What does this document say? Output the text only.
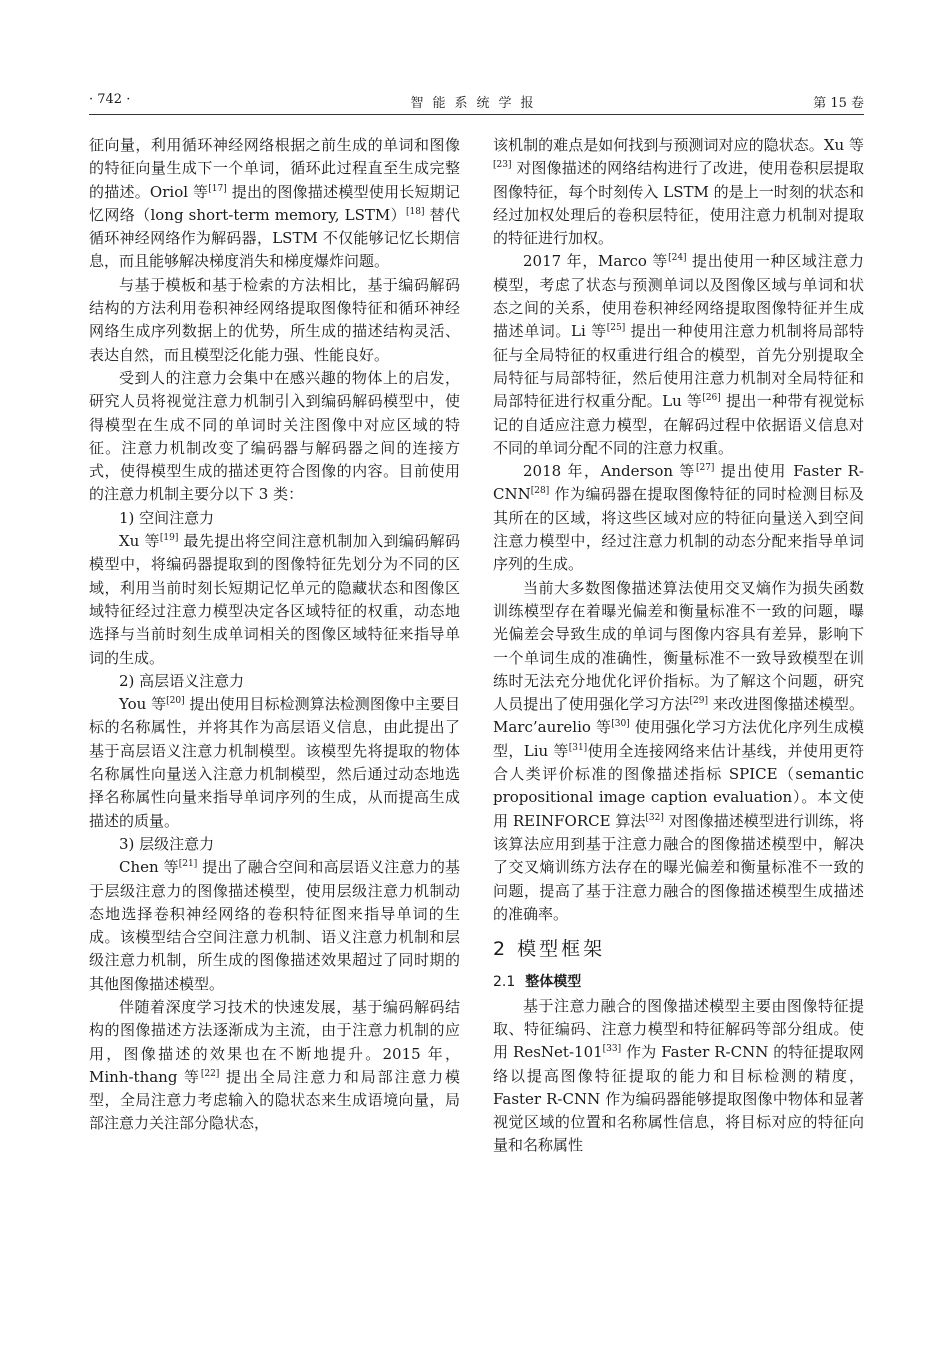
· 742 ·	智能系统学报	第 15 卷

征向量，利用循环神经网络根据之前生成的单词和图像的特征向量生成下一个单词，循环此过程直至生成完整的描述。Oriol 等[17] 提出的图像描述模型使用长短期记忆网络（long short-term memory, LSTM）[18] 替代循环神经网络作为解码器，LSTM 不仅能够记忆长期信息，而且能够解决梯度消失和梯度爆炸问题。

与基于模板和基于检索的方法相比，基于编码解码结构的方法利用卷积神经网络提取图像特征和循环神经网络生成序列数据上的优势，所生成的描述结构灵活、表达自然，而且模型泛化能力强、性能良好。

受到人的注意力会集中在感兴趣的物体上的启发，研究人员将视觉注意力机制引入到编码解码模型中，使得模型在生成不同的单词时关注图像中对应区域的特征。注意力机制改变了编码器与解码器之间的连接方式，使得模型生成的描述更符合图像的内容。目前使用的注意力机制主要分以下 3 类：

1) 空间注意力

Xu 等[19] 最先提出将空间注意机制加入到编码解码模型中，将编码器提取到的图像特征先划分为不同的区域，利用当前时刻长短期记忆单元的隐藏状态和图像区域特征经过注意力模型决定各区域特征的权重，动态地选择与当前时刻生成单词相关的图像区域特征来指导单词的生成。

2) 高层语义注意力

You 等[20] 提出使用目标检测算法检测图像中主要目标的名称属性，并将其作为高层语义信息，由此提出了基于高层语义注意力机制模型。该模型先将提取的物体名称属性向量送入注意力机制模型，然后通过动态地选择名称属性向量来指导单词序列的生成，从而提高生成描述的质量。

3) 层级注意力

Chen 等[21] 提出了融合空间和高层语义注意力的基于层级注意力的图像描述模型，使用层级注意力机制动态地选择卷积神经网络的卷积特征图来指导单词的生成。该模型结合空间注意力机制、语义注意力机制和层级注意力机制，所生成的图像描述效果超过了同时期的其他图像描述模型。

伴随着深度学习技术的快速发展，基于编码解码结构的图像描述方法逐渐成为主流，由于注意力机制的应用，图像描述的效果也在不断地提升。2015 年，Minh-thang 等[22] 提出全局注意力和局部注意力模型，全局注意力考虑输入的隐状态来生成语境向量，局部注意力关注部分隐状态，

该机制的难点是如何找到与预测词对应的隐状态。Xu 等[23] 对图像描述的网络结构进行了改进，使用卷积层提取图像特征，每个时刻传入 LSTM 的是上一时刻的状态和经过加权处理后的卷积层特征，使用注意力机制对提取的特征进行加权。

2017 年，Marco 等[24] 提出使用一种区域注意力模型，考虑了状态与预测单词以及图像区域与单词和状态之间的关系，使用卷积神经网络提取图像特征并生成描述单词。Li 等[25] 提出一种使用注意力机制将局部特征与全局特征的权重进行组合的模型，首先分别提取全局特征与局部特征，然后使用注意力机制对全局特征和局部特征进行权重分配。Lu 等[26] 提出一种带有视觉标记的自适应注意力模型，在解码过程中依据语义信息对不同的单词分配不同的注意力权重。

2018 年，Anderson 等[27] 提出使用 Faster R-CNN[28] 作为编码器在提取图像特征的同时检测目标及其所在的区域，将这些区域对应的特征向量送入到空间注意力模型中，经过注意力机制的动态分配来指导单词序列的生成。

当前大多数图像描述算法使用交叉熵作为损失函数训练模型存在着曝光偏差和衡量标准不一致的问题，曝光偏差会导致生成的单词与图像内容具有差异，影响下一个单词生成的准确性，衡量标准不一致导致模型在训练时无法充分地优化评价指标。为了解这个问题，研究人员提出了使用强化学习方法[29] 来改进图像描述模型。Marc’aurelio 等[30] 使用强化学习方法优化序列生成模型，Liu 等[31]使用全连接网络来估计基线，并使用更符合人类评价标准的图像描述指标 SPICE（semantic propositional image caption evaluation）。本文使用 REINFORCE 算法[32] 对图像描述模型进行训练，将该算法应用到基于注意力融合的图像描述模型中，解决了交叉熵训练方法存在的曝光偏差和衡量标准不一致的问题，提高了基于注意力融合的图像描述模型生成描述的准确率。

2 模型框架
2.1 整体模型

基于注意力融合的图像描述模型主要由图像特征提取、特征编码、注意力模型和特征解码等部分组成。使用 ResNet-101[33] 作为 Faster R-CNN 的特征提取网络以提高图像特征提取的能力和目标检测的精度，Faster R-CNN 作为编码器能够提取图像中物体和显著视觉区域的位置和名称属性信息，将目标对应的特征向量和名称属性
